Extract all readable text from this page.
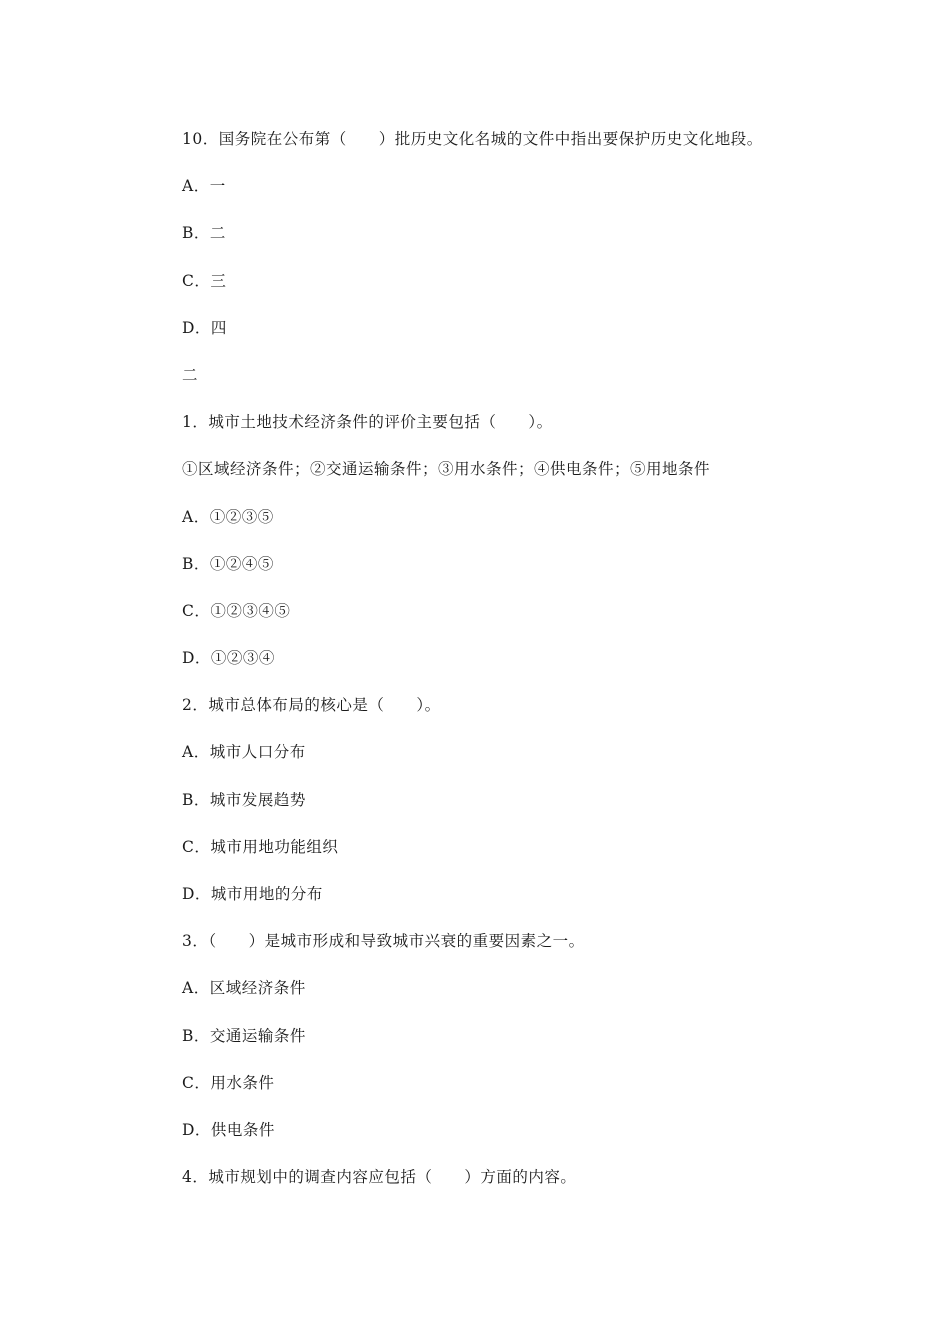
10．国务院在公布第（　　）批历史文化名城的文件中指出要保护历史文化地段。
A．一
B．二
C．三
D．四
二
1．城市土地技术经济条件的评价主要包括（　　）。
①区域经济条件；②交通运输条件；③用水条件；④供电条件；⑤用地条件
A．①②③⑤
B．①②④⑤
C．①②③④⑤
D．①②③④
2．城市总体布局的核心是（　　）。
A．城市人口分布
B．城市发展趋势
C．城市用地功能组织
D．城市用地的分布
3．（　　）是城市形成和导致城市兴衰的重要因素之一。
A．区域经济条件
B．交通运输条件
C．用水条件
D．供电条件
4．城市规划中的调查内容应包括（　　）方面的内容。
